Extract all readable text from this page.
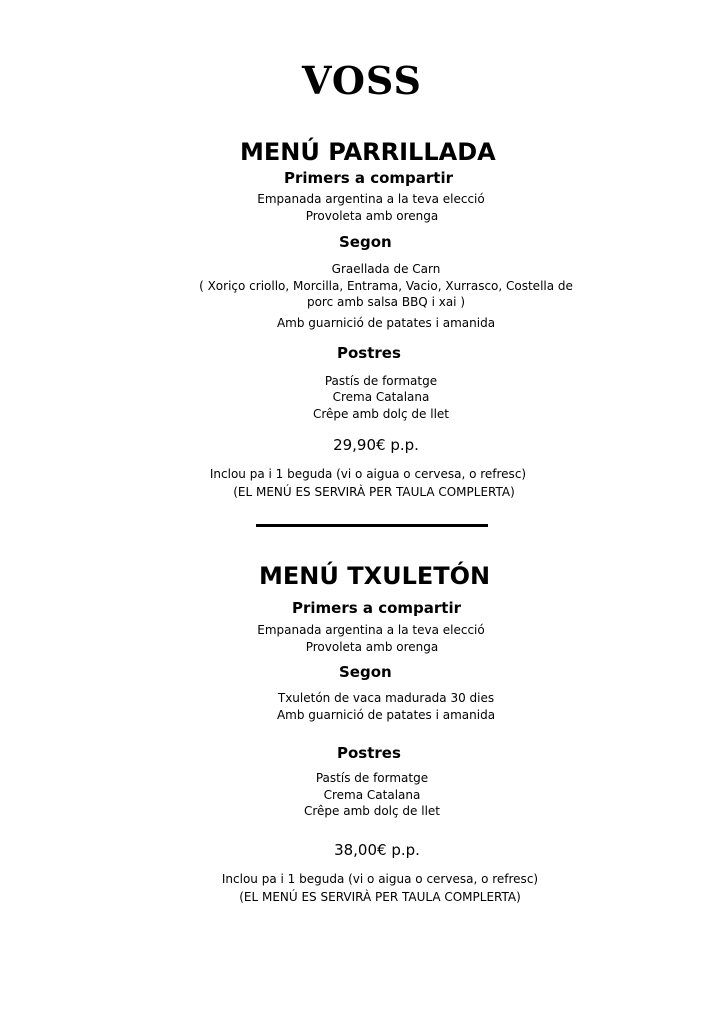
VOSS
MENÚ PARRILLADA
Primers a compartir
Empanada argentina a la teva elecció
Provoleta amb orenga
Segon
Graellada de Carn
( Xoriço criollo, Morcilla, Entrama, Vacio, Xurrasco, Costella de
porc amb salsa BBQ i xai )
Amb guarnició de patates i amanida
Postres
Pastís de formatge
Crema Catalana
Crêpe amb dolç de llet
29,90€ p.p.
Inclou pa i 1 beguda (vi o aigua o cervesa, o refresc)
(EL MENÚ ES SERVIRÀ PER TAULA COMPLERTA)
MENÚ TXULETÓN
Primers a compartir
Empanada argentina a la teva elecció
Provoleta amb orenga
Segon
Txuletón de vaca madurada 30 dies
Amb guarnició de patates i amanida
Postres
Pastís de formatge
Crema Catalana
Crêpe amb dolç de llet
38,00€ p.p.
Inclou pa i 1 beguda (vi o aigua o cervesa, o refresc)
(EL MENÚ ES SERVIRÀ PER TAULA COMPLERTA)
